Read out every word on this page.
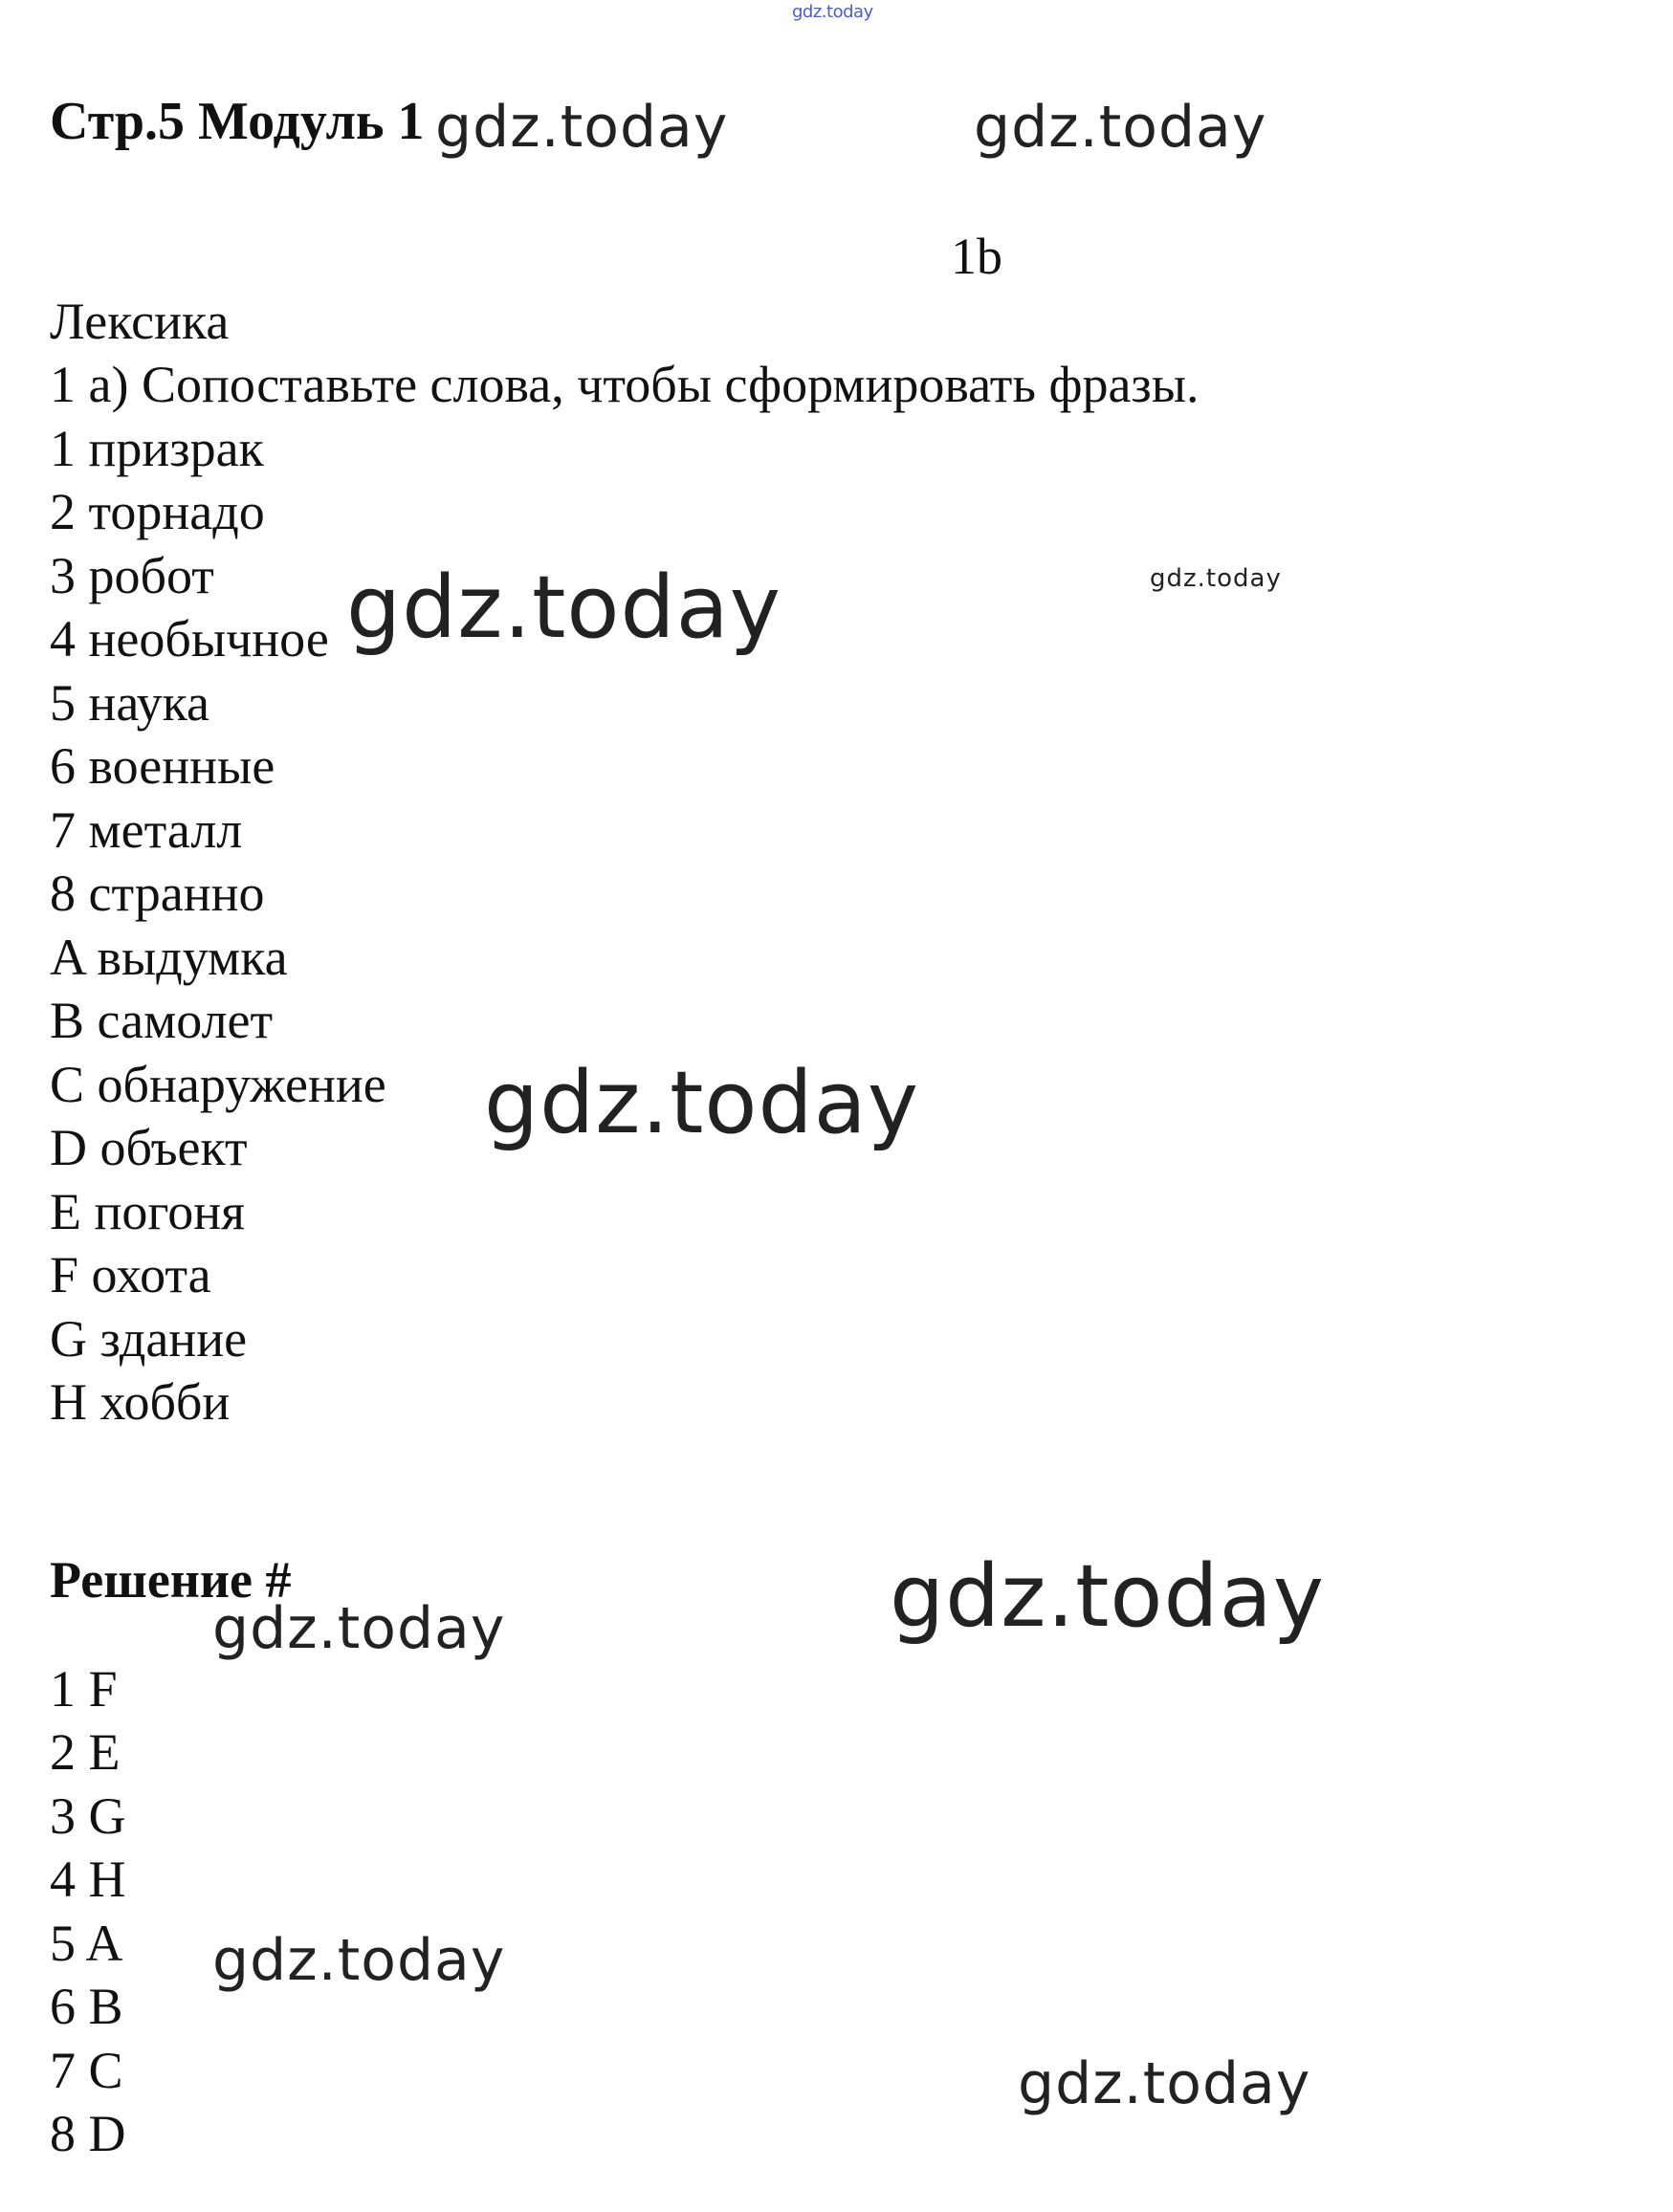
gdz.today
gdz.today	gdz.today
gdz.today
gdz.today
gdz.today
gdz.today
gdz.today
gdz.today
gdz.today
Стр.5 Модуль 1
1b
Лексика
1 a) Сопоставьте слова, чтобы сформировать фразы.
1 призрак
2 торнадо
3 робот
4 необычное
5 наука
6 военные
7 металл
8 странно
A выдумка
B самолет
C обнаружение
D объект
E погоня
F охота
G здание
H хобби
Решение #
1 F
2 E
3 G
4 H
5 A
6 B
7 C
8 D
